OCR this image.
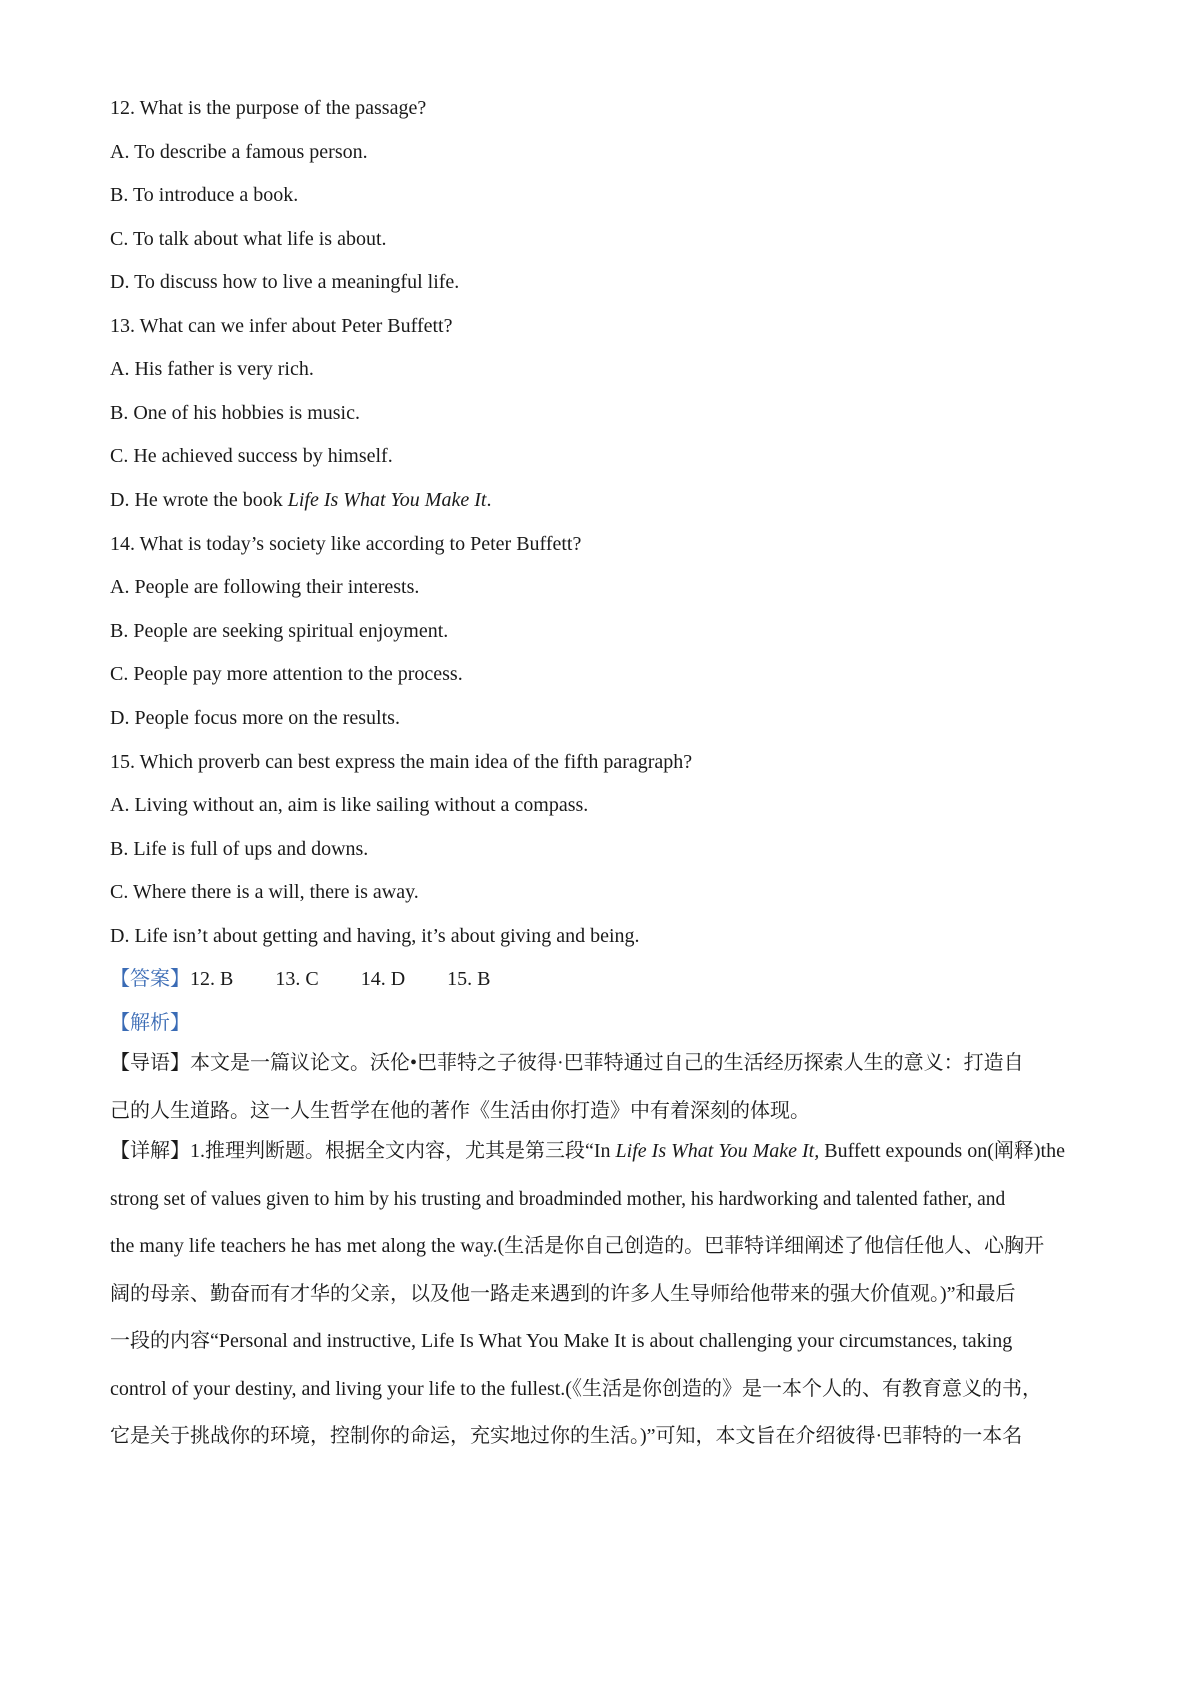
12. What is the purpose of the passage?
A. To describe a famous person.
B. To introduce a book.
C. To talk about what life is about.
D. To discuss how to live a meaningful life.
13. What can we infer about Peter Buffett?
A. His father is very rich.
B. One of his hobbies is music.
C. He achieved success by himself.
D. He wrote the book Life Is What You Make It.
14. What is today’s society like according to Peter Buffett?
A. People are following their interests.
B. People are seeking spiritual enjoyment.
C. People pay more attention to the process.
D. People focus more on the results.
15. Which proverb can best express the main idea of the fifth paragraph?
A. Living without an, aim is like sailing without a compass.
B. Life is full of ups and downs.
C. Where there is a will, there is away.
D. Life isn’t about getting and having, it’s about giving and being.
【答案】12. B 13. C 14. D 15. B
【解析】
【导语】本文是一篇议论文。沃伦•巴菲特之子彼得·巴菲特通过自己的生活经历探索人生的意义：打造自
己的人生道路。这一人生哲学在他的著作《生活由你打造》中有着深刻的体现。
【详解】1.推理判断题。根据全文内容，尤其是第三段“In Life Is What You Make It, Buffett expounds on(阐释)the
strong set of values given to him by his trusting and broadminded mother, his hardworking and talented father, and
the many life teachers he has met along the way.(生活是你自己创造的。巴菲特详细阐述了他信任他人、心胸开
阔的母亲、勤奋而有才华的父亲，以及他一路走来遇到的许多人生导师给他带来的强大价值观。)”和最后
一段的内容“Personal and instructive, Life Is What You Make It is about challenging your circumstances, taking
control of your destiny, and living your life to the fullest.(《生活是你创造的》是一本个人的、有教育意义的书，
它是关于挑战你的环境，控制你的命运，充实地过你的生活。)”可知，本文旨在介绍彼得·巴菲特的一本名
